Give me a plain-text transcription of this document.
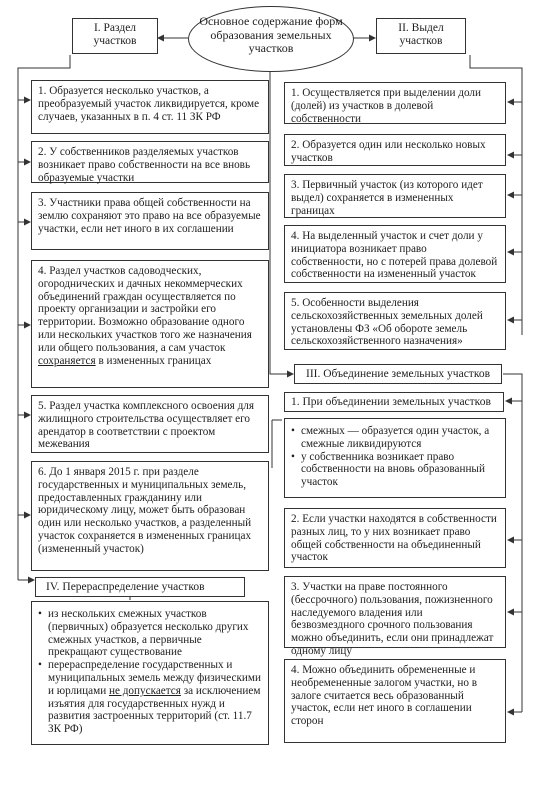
Основное содержание форм образования земельных участков
I. Раздел участков
II. Выдел участков
1. Образуется несколько участков, а преобразуемый участок ликвидируется, кроме случаев, указанных в п. 4 ст. 11 ЗК РФ
2. У собственников разделяемых участков возникает право собственности на все вновь образуемые участки
3. Участники права общей собственности на землю сохраняют это право на все образуемые участки, если нет иного в их соглашении
4. Раздел участков садоводческих, огороднических и дачных некоммерческих объединений граждан осуществляется по проекту организации и застройки его территории. Возможно образование одного или нескольких участков того же назначения или общего пользования, а сам участок сохраняется в измененных границах
5. Раздел участка комплексного освоения для жилищного строительства осуществляет его арендатор в соответствии с проектом межевания
6. До 1 января 2015 г. при разделе государственных и муниципальных земель, предоставленных гражданину или юридическому лицу, может быть образован один или несколько участков, а разделенный участок сохраняется в измененных границах (измененный участок)
IV. Перераспределение участков
• из нескольких смежных участков (первичных) образуется несколько других смежных участков, а первичные прекращают существование
• перераспределение государственных и муниципальных земель между физическими и юрлицами не допускается за исключением изъятия для государственных нужд и развития застроенных территорий (ст. 11.7 ЗК РФ)
1. Осуществляется при выделении доли (долей) из участков в долевой собственности
2. Образуется один или несколько новых участков
3. Первичный участок (из которого идет выдел) сохраняется в измененных границах
4. На выделенный участок и счет доли у инициатора возникает право собственности, но с потерей права долевой собственности на измененный участок
5. Особенности выделения сельскохозяйственных земельных долей установлены ФЗ «Об обороте земель сельскохозяйственного назначения»
III. Объединение земельных участков
1. При объединении земельных участков
• смежных — образуется один участок, а смежные ликвидируются
• у собственника возникает право собственности на вновь образованный участок
2. Если участки находятся в собственности разных лиц, то у них возникает право общей собственности на объединенный участок
3. Участки на праве постоянного (бессрочного) пользования, пожизненного наследуемого владения или безвозмездного срочного пользования можно объединить, если они принадлежат одному лицу
4. Можно объединить обремененные и необремененные залогом участки, но в залоге считается весь образованный участок, если нет иного в соглашении сторон
